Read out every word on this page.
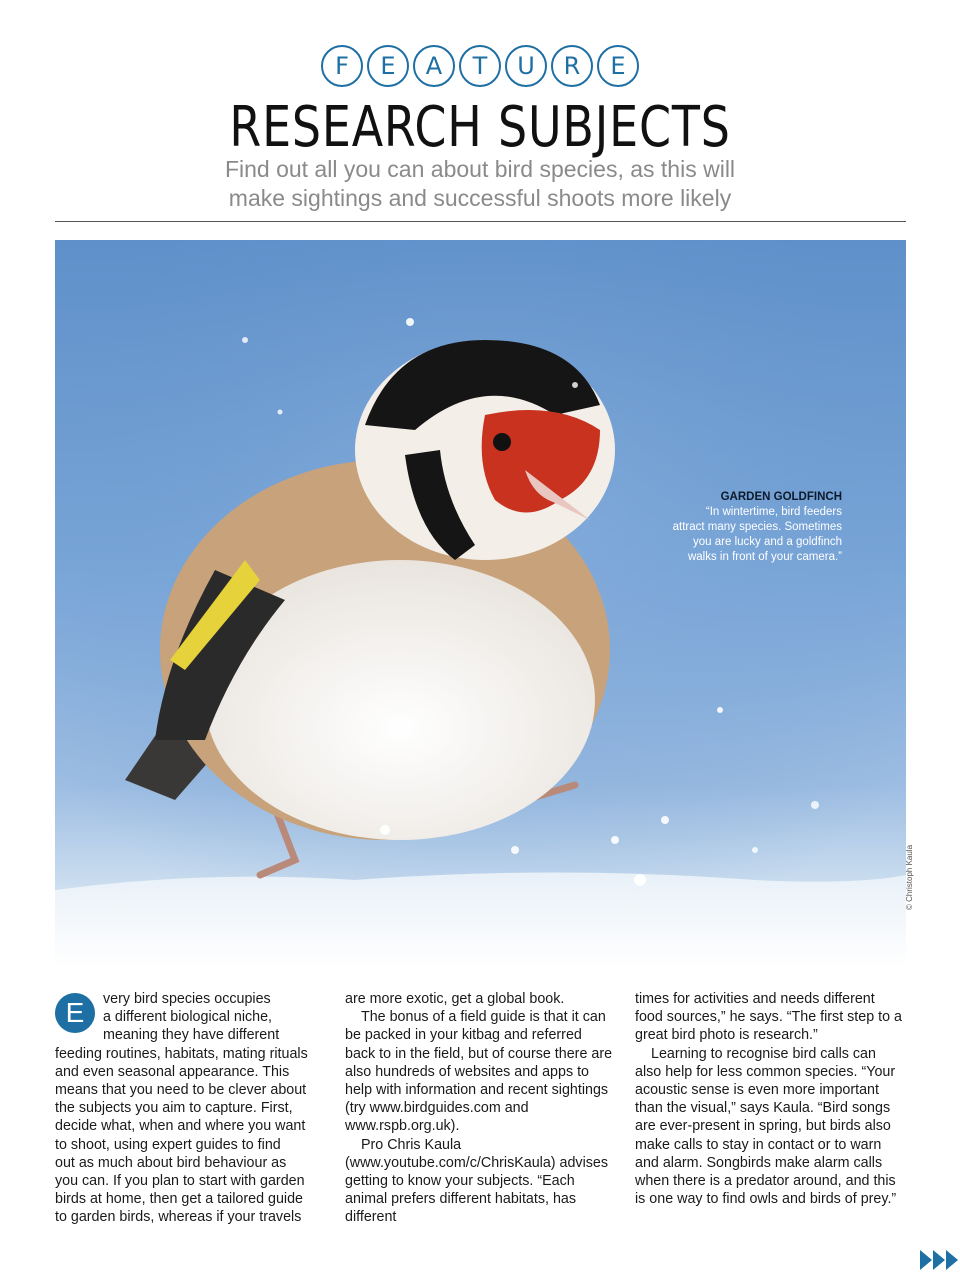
F	E	A	T	U	R	E
RESEARCH SUBJECTS

Find out all you can about bird species, as this will
make sightings and successful shoots more likely

GARDEN GOLDFINCH
“In wintertime, bird feeders
attract many species. Sometimes
you are lucky and a goldfinch
walks in front of your camera.”
© Christoph Kaula

E	very bird species occupies
a different biological niche,
meaning they have different
feeding routines, habitats, mating rituals
and even seasonal appearance. This
means that you need to be clever about
the subjects you aim to capture. First,
decide what, when and where you want
to shoot, using expert guides to find
out as much about bird behaviour as
you can. If you plan to start with garden
birds at home, then get a tailored guide
to garden birds, whereas if your travels

are more exotic, get a global book.

The bonus of a field guide is that it can be packed in your kitbag and referred back to in the field, but of course there are also hundreds of websites and apps to help with information and recent sightings (try www.birdguides.com and www.rspb.org.uk).

Pro Chris Kaula (www.youtube.com/c/ChrisKaula) advises getting to know your subjects. “Each animal prefers different habitats, has different

times for activities and needs different food sources,” he says. “The first step to a great bird photo is research.”

Learning to recognise bird calls can also help for less common species. “Your acoustic sense is even more important than the visual,” says Kaula. “Bird songs are ever-present in spring, but birds also make calls to stay in contact or to warn and alarm. Songbirds make alarm calls when there is a predator around, and this is one way to find owls and birds of prey.”
